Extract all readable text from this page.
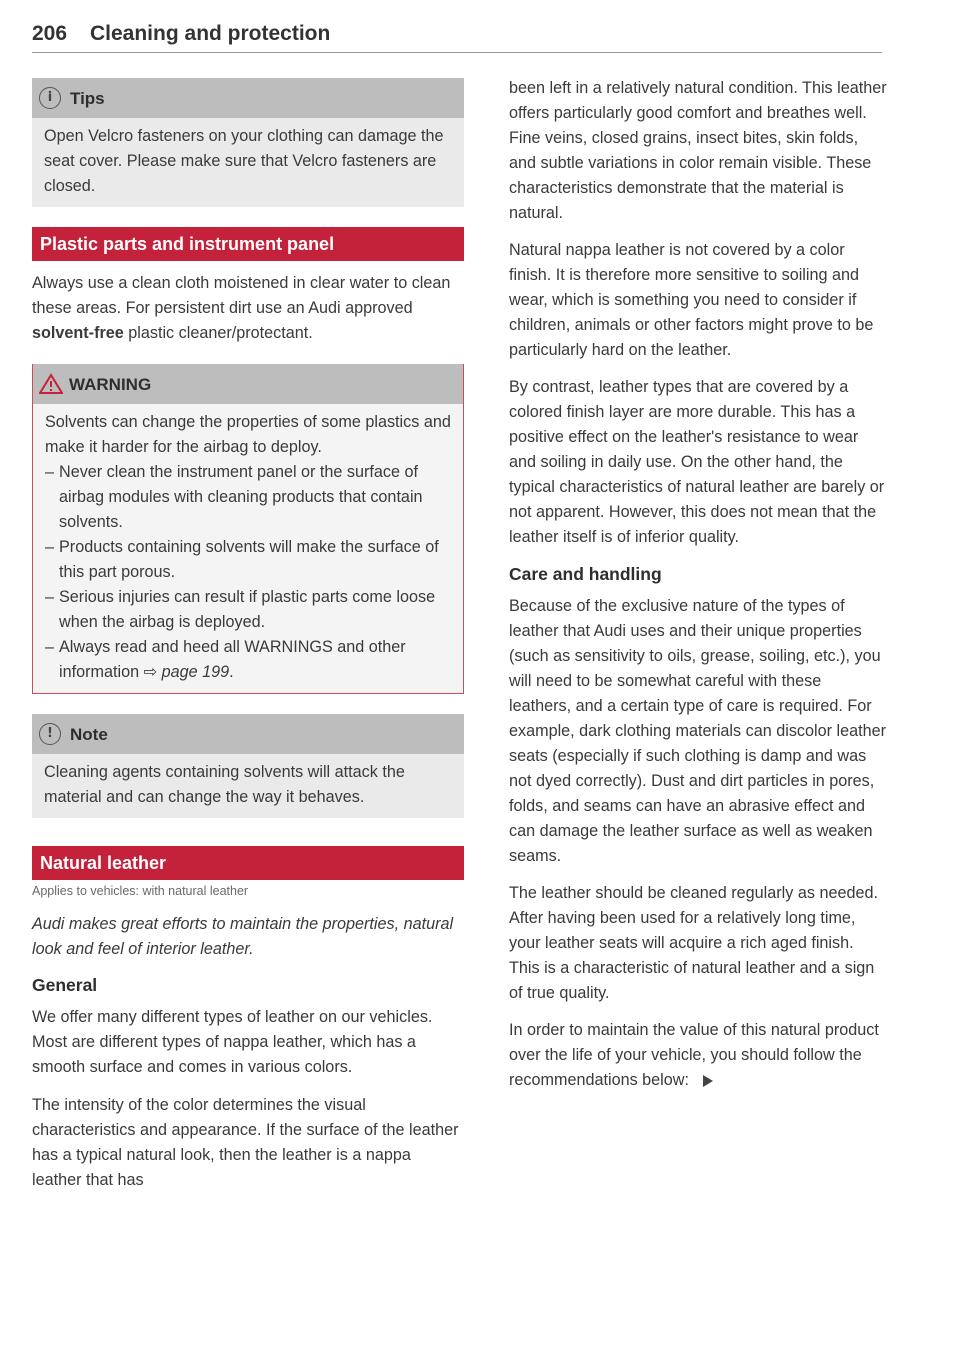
206 Cleaning and protection
i	Tips

Open Velcro fasteners on your clothing can damage the seat cover. Please make sure that Velcro fasteners are closed.

Plastic parts and instrument panel

Always use a clean cloth moistened in clear water to clean these areas. For persistent dirt use an Audi approved solvent-free plastic cleaner/protectant.

WARNING

Solvents can change the properties of some plastics and make it harder for the airbag to deploy.

– Never clean the instrument panel or the surface of airbag modules with cleaning products that contain solvents.
– Products containing solvents will make the surface of this part porous.
– Serious injuries can result if plastic parts come loose when the airbag is deployed.
– Always read and heed all WARNINGS and other information ⇨ page 199.
!	Note

Cleaning agents containing solvents will attack the material and can change the way it behaves.

Natural leather
Applies to vehicles: with natural leather

Audi makes great efforts to maintain the properties, natural look and feel of interior leather.

General

We offer many different types of leather on our vehicles. Most are different types of nappa leather, which has a smooth surface and comes in various colors.

The intensity of the color determines the visual characteristics and appearance. If the surface of the leather has a typical natural look, then the leather is a nappa leather that has

been left in a relatively natural condition. This leather offers particularly good comfort and breathes well. Fine veins, closed grains, insect bites, skin folds, and subtle variations in color remain visible. These characteristics demonstrate that the material is natural.

Natural nappa leather is not covered by a color finish. It is therefore more sensitive to soiling and wear, which is something you need to consider if children, animals or other factors might prove to be particularly hard on the leather.

By contrast, leather types that are covered by a colored finish layer are more durable. This has a positive effect on the leather's resistance to wear and soiling in daily use. On the other hand, the typical characteristics of natural leather are barely or not apparent. However, this does not mean that the leather itself is of inferior quality.

Care and handling

Because of the exclusive nature of the types of leather that Audi uses and their unique properties (such as sensitivity to oils, grease, soiling, etc.), you will need to be somewhat careful with these leathers, and a certain type of care is required. For example, dark clothing materials can discolor leather seats (especially if such clothing is damp and was not dyed correctly). Dust and dirt particles in pores, folds, and seams can have an abrasive effect and can damage the leather surface as well as weaken seams.

The leather should be cleaned regularly as needed. After having been used for a relatively long time, your leather seats will acquire a rich aged finish. This is a characteristic of natural leather and a sign of true quality.

In order to maintain the value of this natural product over the life of your vehicle, you should follow the recommendations below:
